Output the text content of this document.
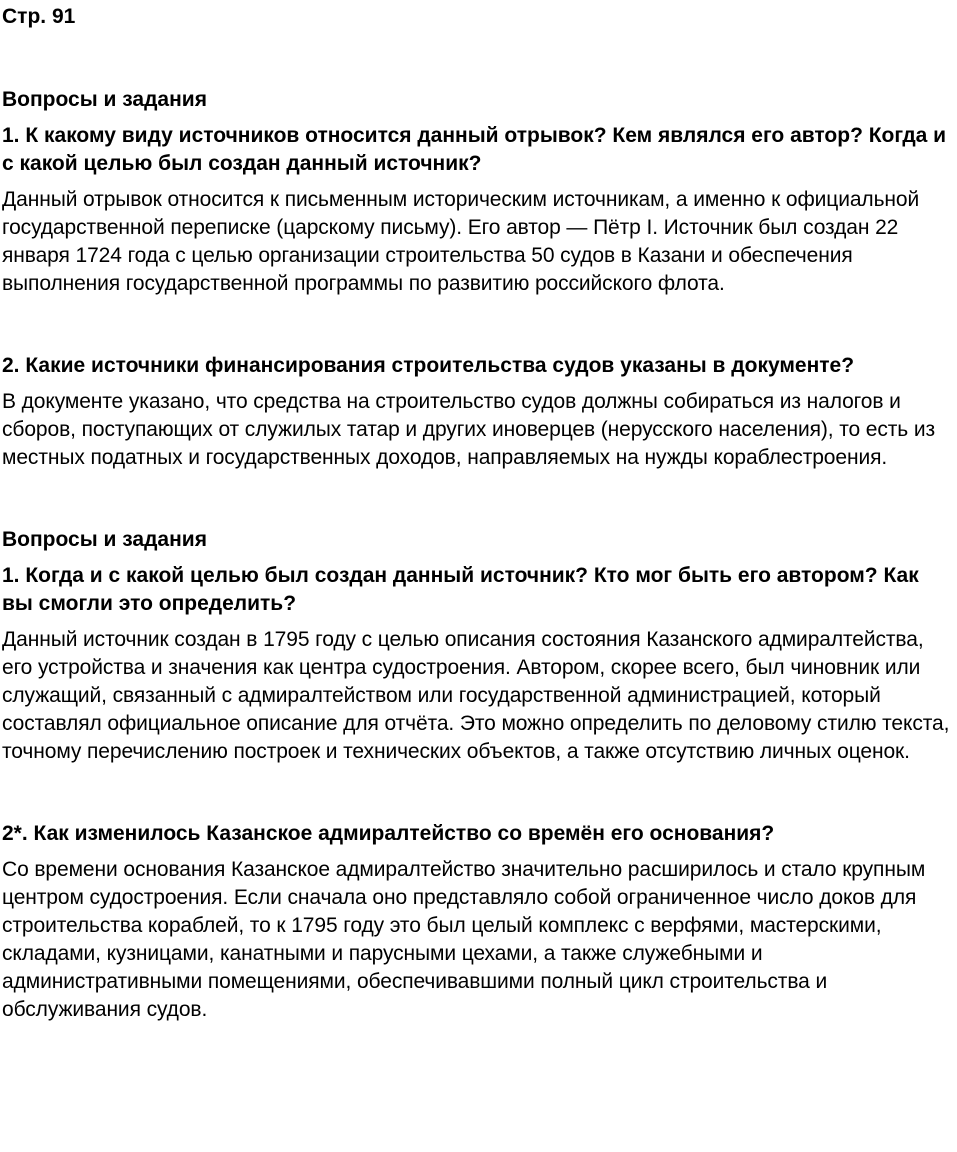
Стр. 91
Вопросы и задания
1. К какому виду источников относится данный отрывок? Кем являлся его автор? Когда и с какой целью был создан данный источник?
Данный отрывок относится к письменным историческим источникам, а именно к официальной государственной переписке (царскому письму). Его автор — Пётр I. Источник был создан 22 января 1724 года с целью организации строительства 50 судов в Казани и обеспечения выполнения государственной программы по развитию российского флота.
2. Какие источники финансирования строительства судов указаны в документе?
В документе указано, что средства на строительство судов должны собираться из налогов и сборов, поступающих от служилых татар и других иноверцев (нерусского населения), то есть из местных податных и государственных доходов, направляемых на нужды кораблестроения.
Вопросы и задания
1. Когда и с какой целью был создан данный источник? Кто мог быть его автором? Как вы смогли это определить?
Данный источник создан в 1795 году с целью описания состояния Казанского адмиралтейства, его устройства и значения как центра судостроения. Автором, скорее всего, был чиновник или служащий, связанный с адмиралтейством или государственной администрацией, который составлял официальное описание для отчёта. Это можно определить по деловому стилю текста, точному перечислению построек и технических объектов, а также отсутствию личных оценок.
2*. Как изменилось Казанское адмиралтейство со времён его основания?
Со времени основания Казанское адмиралтейство значительно расширилось и стало крупным центром судостроения. Если сначала оно представляло собой ограниченное число доков для строительства кораблей, то к 1795 году это был целый комплекс с верфями, мастерскими, складами, кузницами, канатными и парусными цехами, а также служебными и административными помещениями, обеспечивавшими полный цикл строительства и обслуживания судов.
